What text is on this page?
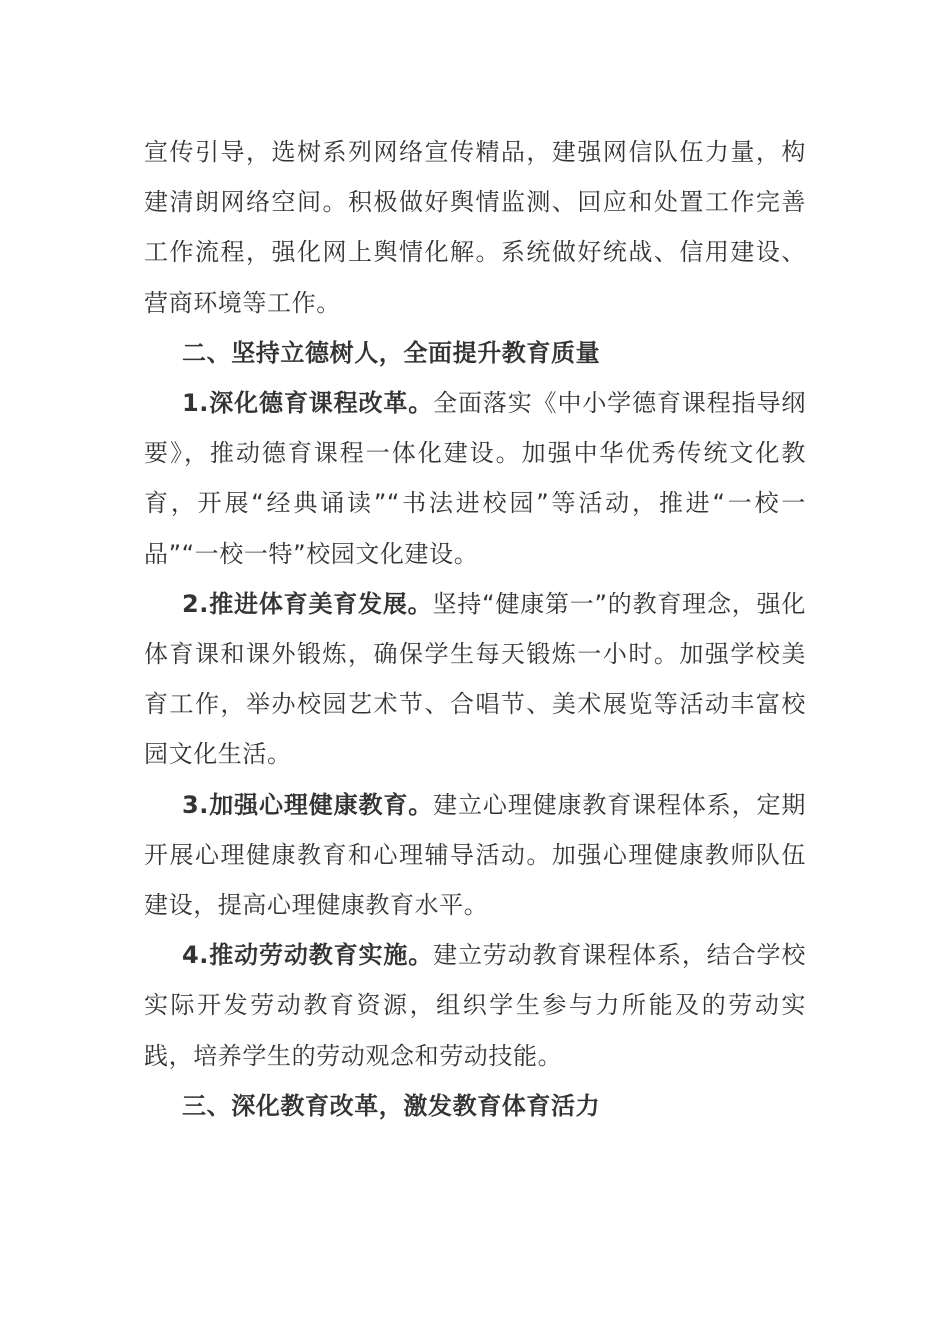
宣传引导，选树系列网络宣传精品，建强网信队伍力量，构建清朗网络空间。积极做好舆情监测、回应和处置工作完善工作流程，强化网上舆情化解。系统做好统战、信用建设、营商环境等工作。

二、坚持立德树人，全面提升教育质量

1.深化德育课程改革。全面落实《中小学德育课程指导纲要》，推动德育课程一体化建设。加强中华优秀传统文化教育，开展“经典诵读”“书法进校园”等活动，推进“一校一品”“一校一特”校园文化建设。

2.推进体育美育发展。坚持“健康第一”的教育理念，强化体育课和课外锻炼，确保学生每天锻炼一小时。加强学校美育工作，举办校园艺术节、合唱节、美术展览等活动丰富校园文化生活。

3.加强心理健康教育。建立心理健康教育课程体系，定期开展心理健康教育和心理辅导活动。加强心理健康教师队伍建设，提高心理健康教育水平。

4.推动劳动教育实施。建立劳动教育课程体系，结合学校实际开发劳动教育资源，组织学生参与力所能及的劳动实践，培养学生的劳动观念和劳动技能。

三、深化教育改革，激发教育体育活力
